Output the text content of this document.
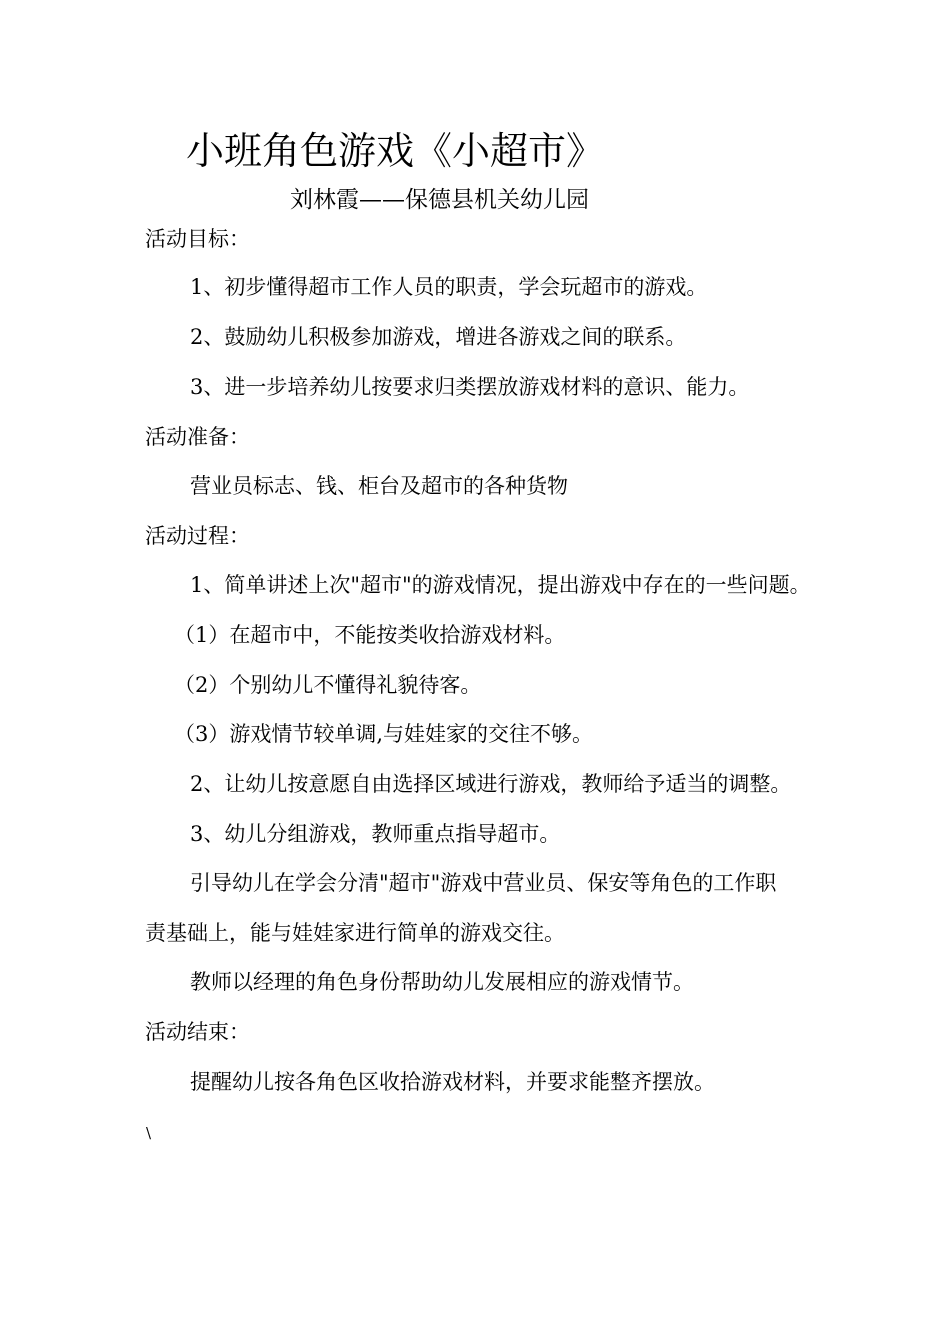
小班角色游戏《小超市》
刘林霞——保德县机关幼儿园
活动目标：
1、初步懂得超市工作人员的职责，学会玩超市的游戏。
2、鼓励幼儿积极参加游戏，增进各游戏之间的联系。
3、进一步培养幼儿按要求归类摆放游戏材料的意识、能力。
活动准备：
营业员标志、钱、柜台及超市的各种货物
活动过程：
1、简单讲述上次"超市"的游戏情况，提出游戏中存在的一些问题。
（1）在超市中，不能按类收拾游戏材料。
（2）个别幼儿不懂得礼貌待客。
（3）游戏情节较单调,与娃娃家的交往不够。
2、让幼儿按意愿自由选择区域进行游戏，教师给予适当的调整。
3、幼儿分组游戏，教师重点指导超市。
引导幼儿在学会分清"超市"游戏中营业员、保安等角色的工作职
责基础上，能与娃娃家进行简单的游戏交往。
教师以经理的角色身份帮助幼儿发展相应的游戏情节。
活动结束：
提醒幼儿按各角色区收拾游戏材料，并要求能整齐摆放。
\
